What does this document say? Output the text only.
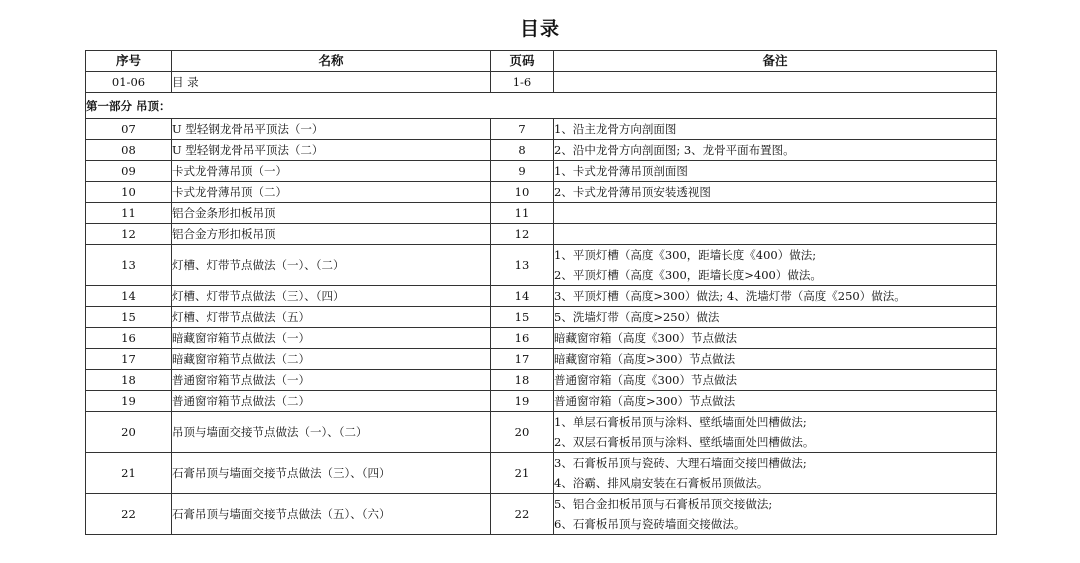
目录
序号	名称	页码	备注
01-06	目 录	1-6	
第一部分 吊顶：			
07	U 型轻钢龙骨吊平顶法（一）	7	1、沿主龙骨方向剖面图

08	U 型轻钢龙骨吊平顶法（二）	8	2、沿中龙骨方向剖面图; 3、龙骨平面布置图。

09	卡式龙骨薄吊顶（一）	9	1、卡式龙骨薄吊顶剖面图

10	卡式龙骨薄吊顶（二）	10	2、卡式龙骨薄吊顶安装透视图

11	铝合金条形扣板吊顶	11	
12	铝合金方形扣板吊顶	12	
13	灯槽、灯带节点做法（一）、（二）	13	1、平顶灯槽（高度《300，距墙长度《400）做法;
2、平顶灯槽（高度《300，距墙长度>400）做法。

14	灯槽、灯带节点做法（三）、（四）	14	3、平顶灯槽（高度>300）做法; 4、洗墙灯带（高度《250）做法。

15	灯槽、灯带节点做法（五）	15	5、洗墙灯带（高度>250）做法

16	暗藏窗帘箱节点做法（一）	16	暗藏窗帘箱（高度《300）节点做法

17	暗藏窗帘箱节点做法（二）	17	暗藏窗帘箱（高度>300）节点做法

18	普通窗帘箱节点做法（一）	18	普通窗帘箱（高度《300）节点做法

19	普通窗帘箱节点做法（二）	19	普通窗帘箱（高度>300）节点做法

20	吊顶与墙面交接节点做法（一）、（二）	20	1、单层石膏板吊顶与涂料、壁纸墙面处凹槽做法;
2、双层石膏板吊顶与涂料、壁纸墙面处凹槽做法。

21	石膏吊顶与墙面交接节点做法（三）、（四）	21	3、石膏板吊顶与瓷砖、大理石墙面交接凹槽做法;
4、浴霸、排风扇安装在石膏板吊顶做法。

22	石膏吊顶与墙面交接节点做法（五）、（六）	22	5、铝合金扣板吊顶与石膏板吊顶交接做法;
6、石膏板吊顶与瓷砖墙面交接做法。
